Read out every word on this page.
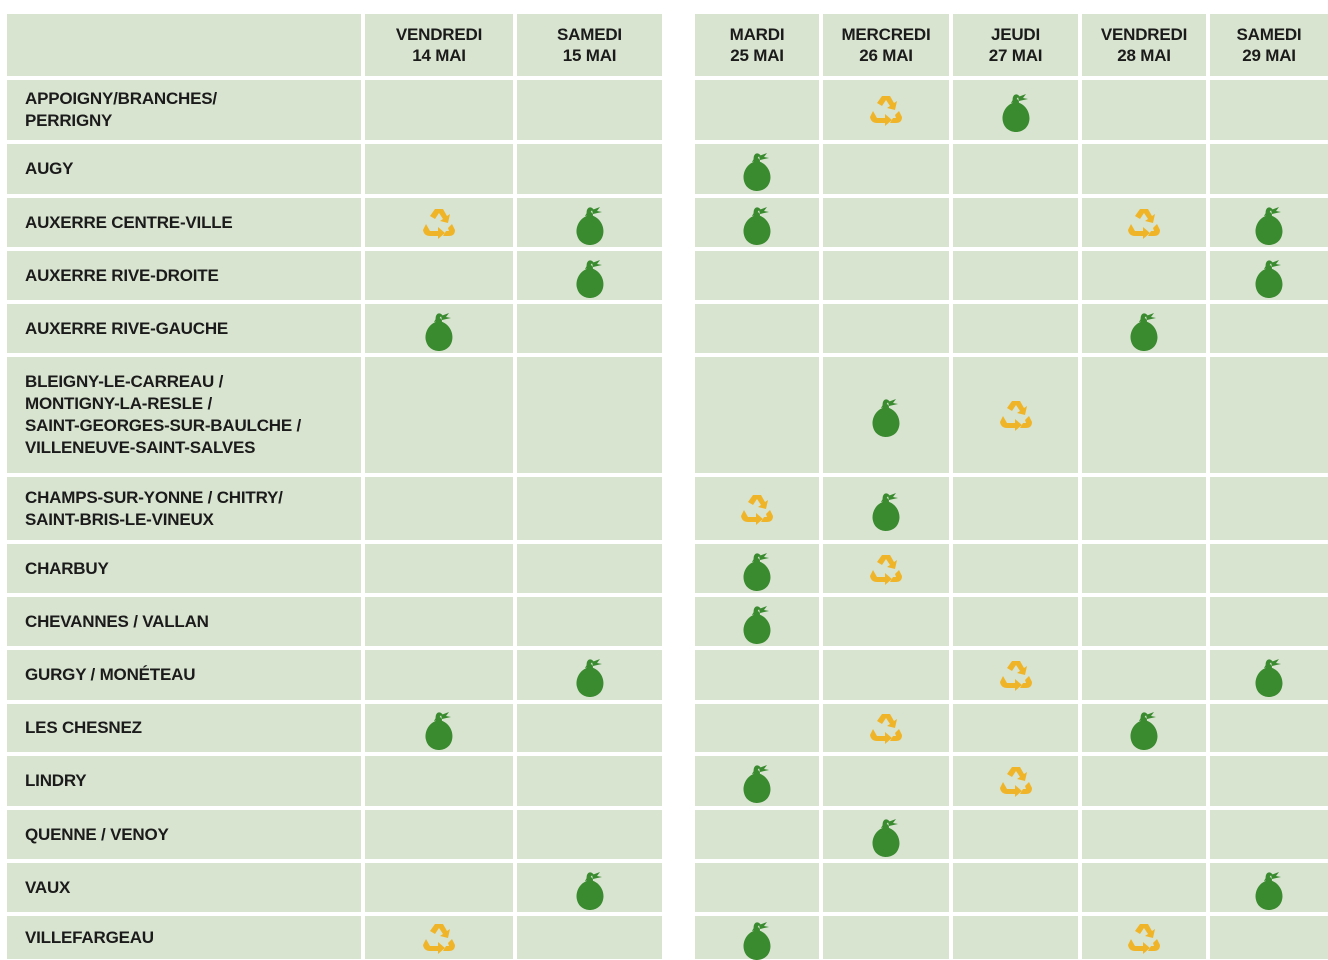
VENDREDI
14 MAI
SAMEDI
15 MAI
MARDI
25 MAI
MERCREDI
26 MAI
JEUDI
27 MAI
VENDREDI
28 MAI
SAMEDI
29 MAI
APPOIGNY/BRANCHES/
PERRIGNY
AUGY
AUXERRE CENTRE-VILLE
AUXERRE RIVE-DROITE
AUXERRE RIVE-GAUCHE
BLEIGNY-LE-CARREAU /
MONTIGNY-LA-RESLE /
SAINT-GEORGES-SUR-BAULCHE /
VILLENEUVE-SAINT-SALVES
CHAMPS-SUR-YONNE / CHITRY/
SAINT-BRIS-LE-VINEUX
CHARBUY
CHEVANNES / VALLAN
GURGY / MONÉTEAU
LES CHESNEZ
LINDRY
QUENNE / VENOY
VAUX
VILLEFARGEAU
